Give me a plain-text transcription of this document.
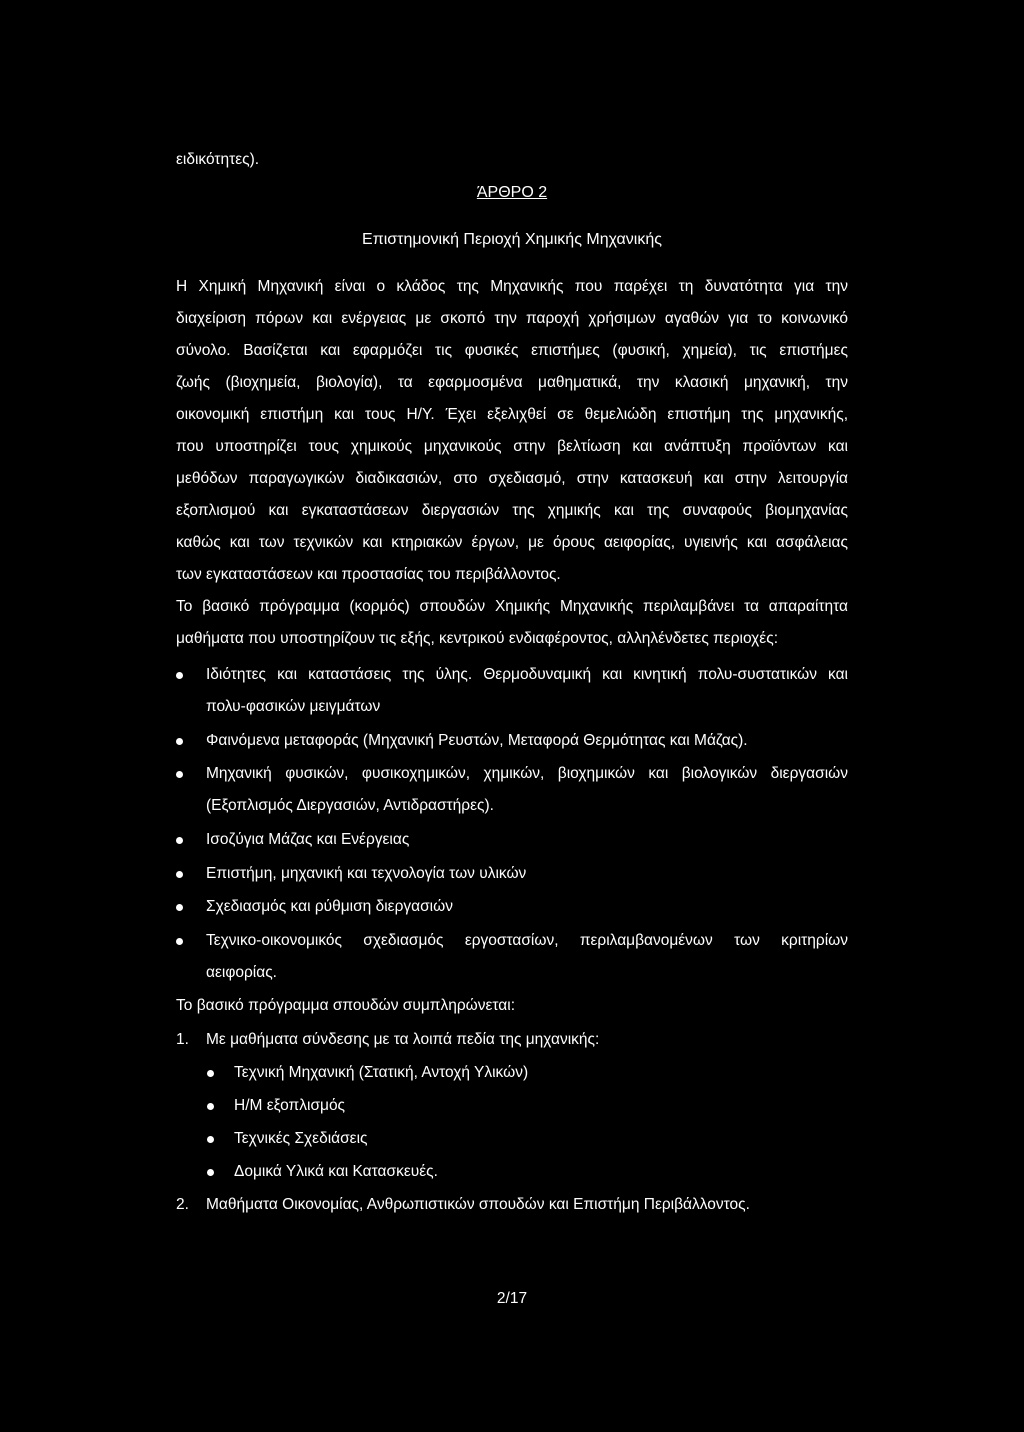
ειδικότητες).
ΆΡΘΡΟ 2
Επιστημονική Περιοχή Χημικής Μηχανικής
Η Χημική Μηχανική είναι ο κλάδος της Μηχανικής που παρέχει τη δυνατότητα για την
διαχείριση πόρων και ενέργειας με σκοπό την παροχή χρήσιμων αγαθών για το κοινωνικό
σύνολο. Βασίζεται και εφαρμόζει τις φυσικές επιστήμες (φυσική, χημεία), τις επιστήμες
ζωής (βιοχημεία, βιολογία), τα εφαρμοσμένα μαθηματικά, την κλασική μηχανική, την
οικονομική επιστήμη και τους Η/Υ. Έχει εξελιχθεί σε θεμελιώδη επιστήμη της μηχανικής,
που υποστηρίζει τους χημικούς μηχανικούς στην βελτίωση και ανάπτυξη προϊόντων και
μεθόδων παραγωγικών διαδικασιών, στο σχεδιασμό, στην κατασκευή και στην λειτουργία
εξοπλισμού και εγκαταστάσεων διεργασιών της χημικής και της συναφούς βιομηχανίας
καθώς και των τεχνικών και κτηριακών έργων, με όρους αειφορίας, υγιεινής και ασφάλειας
των εγκαταστάσεων και προστασίας του περιβάλλοντος.
Το βασικό πρόγραμμα (κορμός) σπουδών Χημικής Μηχανικής περιλαμβάνει τα απαραίτητα
μαθήματα που υποστηρίζουν τις εξής, κεντρικού ενδιαφέροντος, αλληλένδετες περιοχές:
Ιδιότητες και καταστάσεις της ύλης. Θερμοδυναμική και κινητική πολυ-συστατικών και
πολυ-φασικών μειγμάτων
Φαινόμενα μεταφοράς (Μηχανική Ρευστών, Μεταφορά Θερμότητας και Μάζας).
Μηχανική φυσικών, φυσικοχημικών, χημικών, βιοχημικών και βιολογικών διεργασιών
(Εξοπλισμός Διεργασιών, Αντιδραστήρες).
Ισοζύγια Μάζας και Ενέργειας
Επιστήμη, μηχανική και τεχνολογία των υλικών
Σχεδιασμός και ρύθμιση διεργασιών
Τεχνικο-οικονομικός σχεδιασμός εργοστασίων, περιλαμβανομένων των κριτηρίων
αειφορίας.
Το βασικό πρόγραμμα σπουδών συμπληρώνεται:
1. Με μαθήματα σύνδεσης με τα λοιπά πεδία της μηχανικής:
Τεχνική Μηχανική (Στατική, Αντοχή Υλικών)
Η/Μ εξοπλισμός
Τεχνικές Σχεδιάσεις
Δομικά Υλικά και Κατασκευές.
2. Μαθήματα Οικονομίας, Ανθρωπιστικών σπουδών και Επιστήμη Περιβάλλοντος.
2/17
